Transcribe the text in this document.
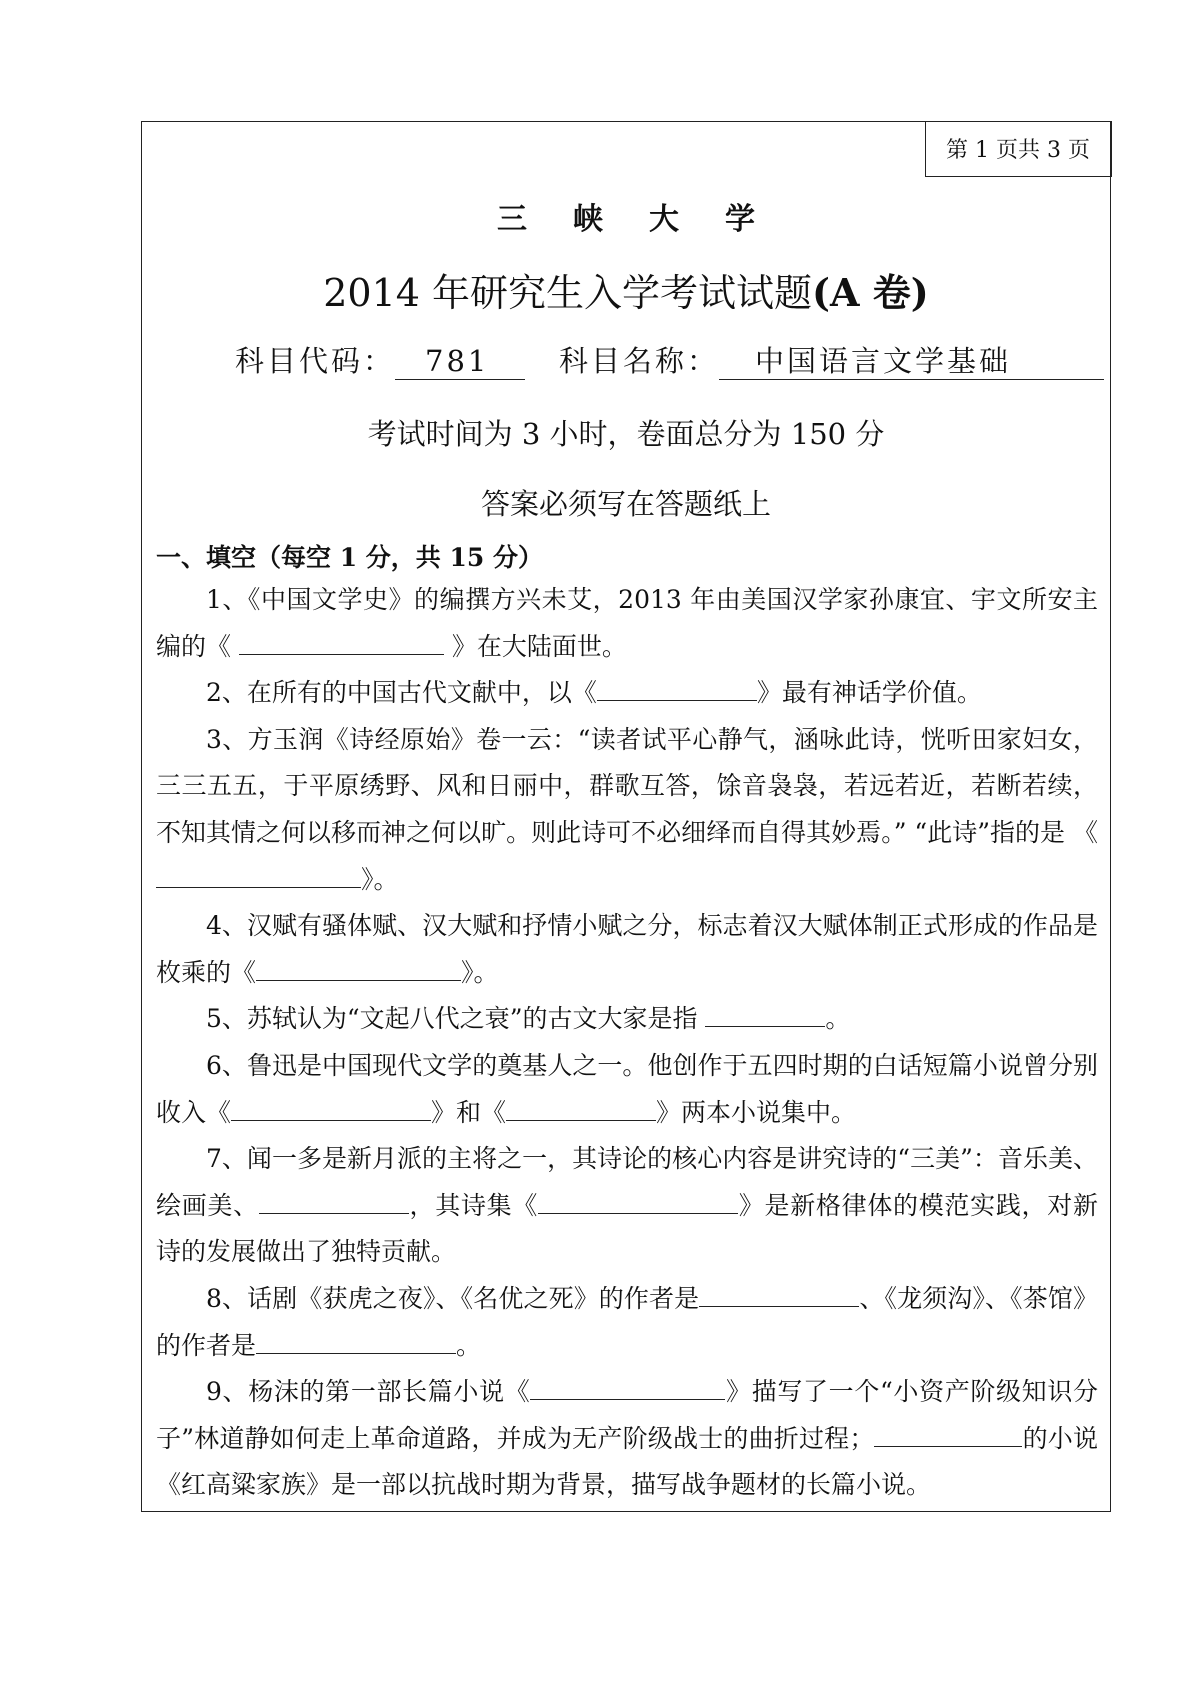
第 1 页共 3 页
三峡大学
2014 年研究生入学考试试题(A 卷)
科目代码： 781 科目名称： 中国语言文学基础
考试时间为 3 小时，卷面总分为 150 分
答案必须写在答题纸上
一、填空（每空 1 分，共 15 分）
1、《中国文学史》的编撰方兴未艾，2013 年由美国汉学家孙康宜、宇文所安主编的《	》在大陆面世。
2、在所有的中国古代文献中，以《	》最有神话学价值。
3、方玉润《诗经原始》卷一云：“读者试平心静气，涵咏此诗，恍听田家妇女，三三五五，于平原绣野、风和日丽中，群歌互答，馀音袅袅，若远若近，若断若续，不知其情之何以移而神之何以旷。则此诗可不必细绎而自得其妙焉。” “此诗”指的是 《 》。
4、汉赋有骚体赋、汉大赋和抒情小赋之分，标志着汉大赋体制正式形成的作品是枚乘的《	》。
5、苏轼认为“文起八代之衰”的古文大家是指	。
6、鲁迅是中国现代文学的奠基人之一。他创作于五四时期的白话短篇小说曾分别收入《	》和《	》两本小说集中。
7、闻一多是新月派的主将之一，其诗论的核心内容是讲究诗的“三美”：音乐美、绘画美、	，其诗集《	》是新格律体的模范实践，对新诗的发展做出了独特贡献。
8、话剧《获虎之夜》、《名优之死》的作者是	、《龙须沟》、《茶馆》的作者是	。
9、杨沫的第一部长篇小说《	》描写了一个“小资产阶级知识分子”林道静如何走上革命道路，并成为无产阶级战士的曲折过程；	的小说《红高粱家族》是一部以抗战时期为背景，描写战争题材的长篇小说。
